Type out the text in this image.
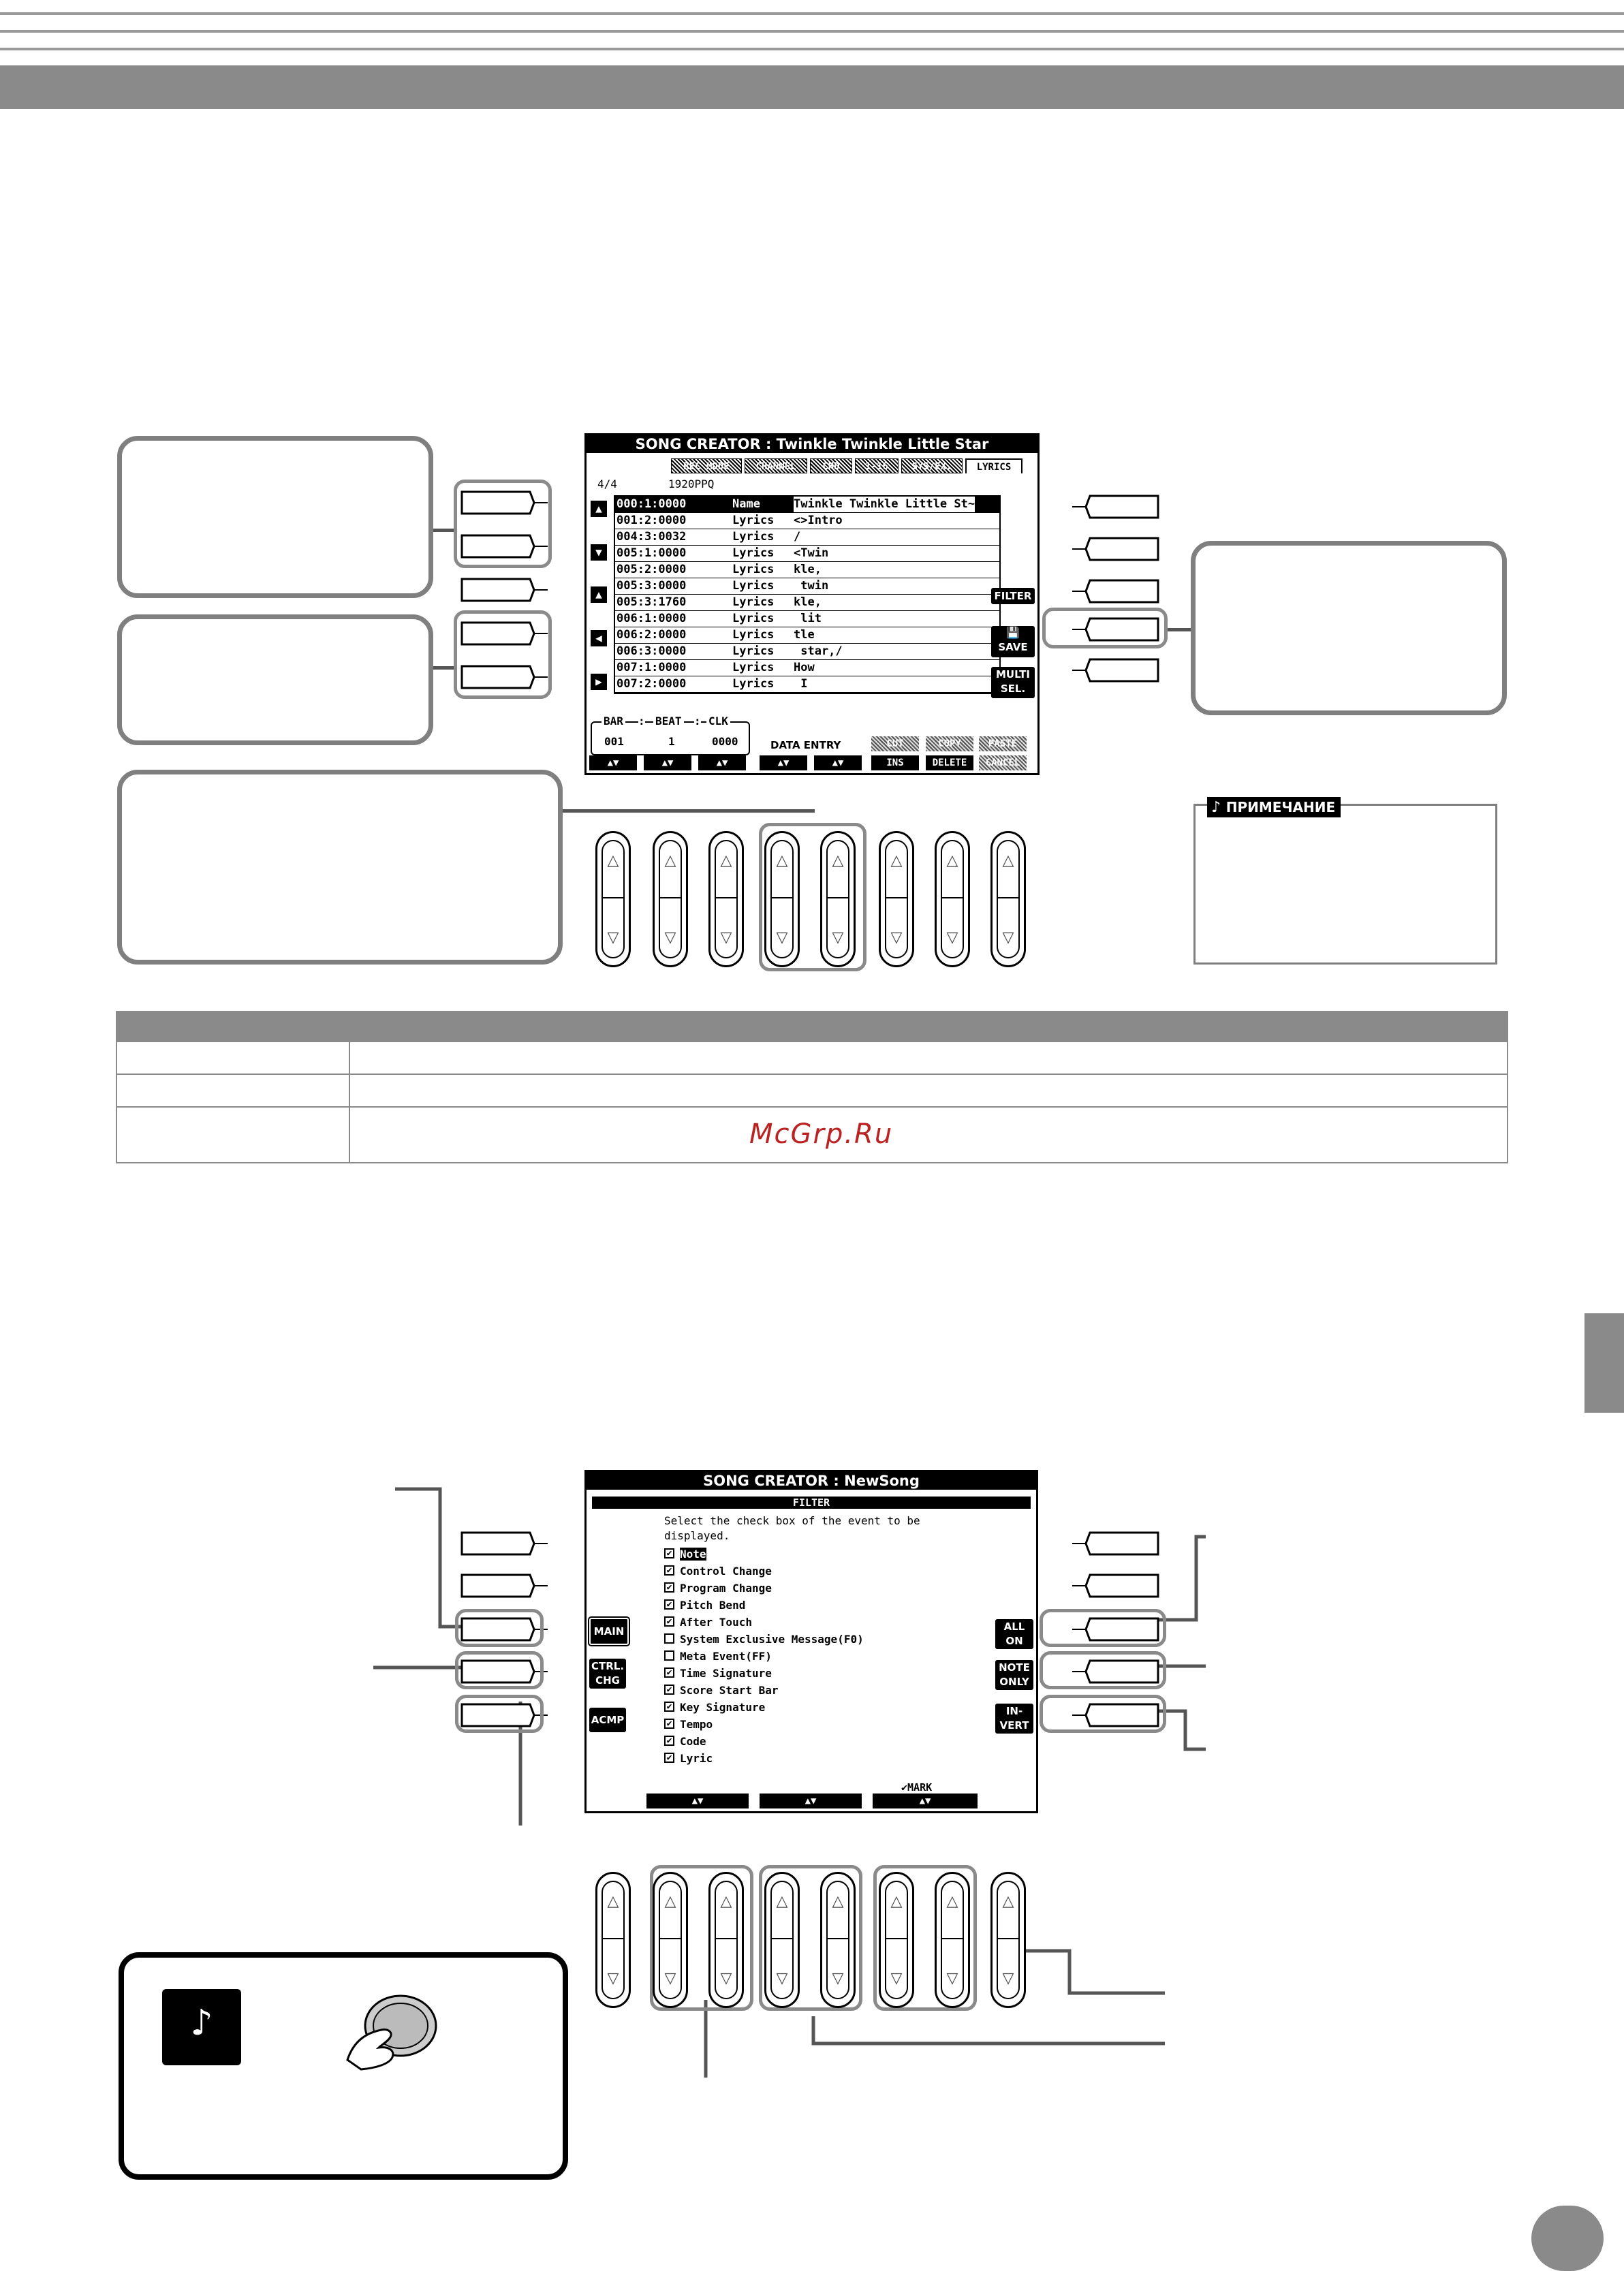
SONG CREATOR : Twinkle Twinkle Little Star
REC MODE	CHANNEL	CHD	1-16	SYS/EX.	LYRICS
4/4	1920PPQ
▲
▼
▲
◀
▶
000:1:0000	Name	Twinkle Twinkle Little St~
001:2:0000	Lyrics <>Intro
004:3:0032	Lyrics /
005:1:0000	Lyrics <Twin
005:2:0000	Lyrics kle,
005:3:0000	Lyrics twin
005:3:1760	Lyrics kle,
006:1:0000	Lyrics lit
006:2:0000	Lyrics tle
006:3:0000	Lyrics star,/
007:1:0000	Lyrics How
007:2:0000	Lyrics I
FILTER
💾
SAVE
MULTI
SEL.
BAR : BEAT : CLK
001	1	0000	DATA ENTRY	CUT	COPY	PASTE
▲▼	▲▼	▲▼	▲▼	▲▼	INS	DELETE	CANCEL
△
▽
△
▽
△
▽
△
▽
△
▽
△
▽
△
▽
△
▽
♪ ПРИМЕЧАНИЕ

McGrp.Ru
SONG CREATOR : NewSong
FILTER
Select the check box of the event to be
displayed.
✔ Note
✔ Control Change
✔ Program Change
✔ Pitch Bend
✔ After Touch
System Exclusive Message(F0)
Meta Event(FF)
✔ Time Signature
✔ Score Start Bar
✔ Key Signature
✔ Tempo
✔ Code
✔ Lyric
MAIN
CTRL.
CHG
ACMP
ALL
ON
NOTE
ONLY
IN-
VERT
✔MARK
▲▼	▲▼	▲▼
△
▽
△
▽
△
▽
△
▽
△
▽
△
▽
△
▽
△
▽
♪
